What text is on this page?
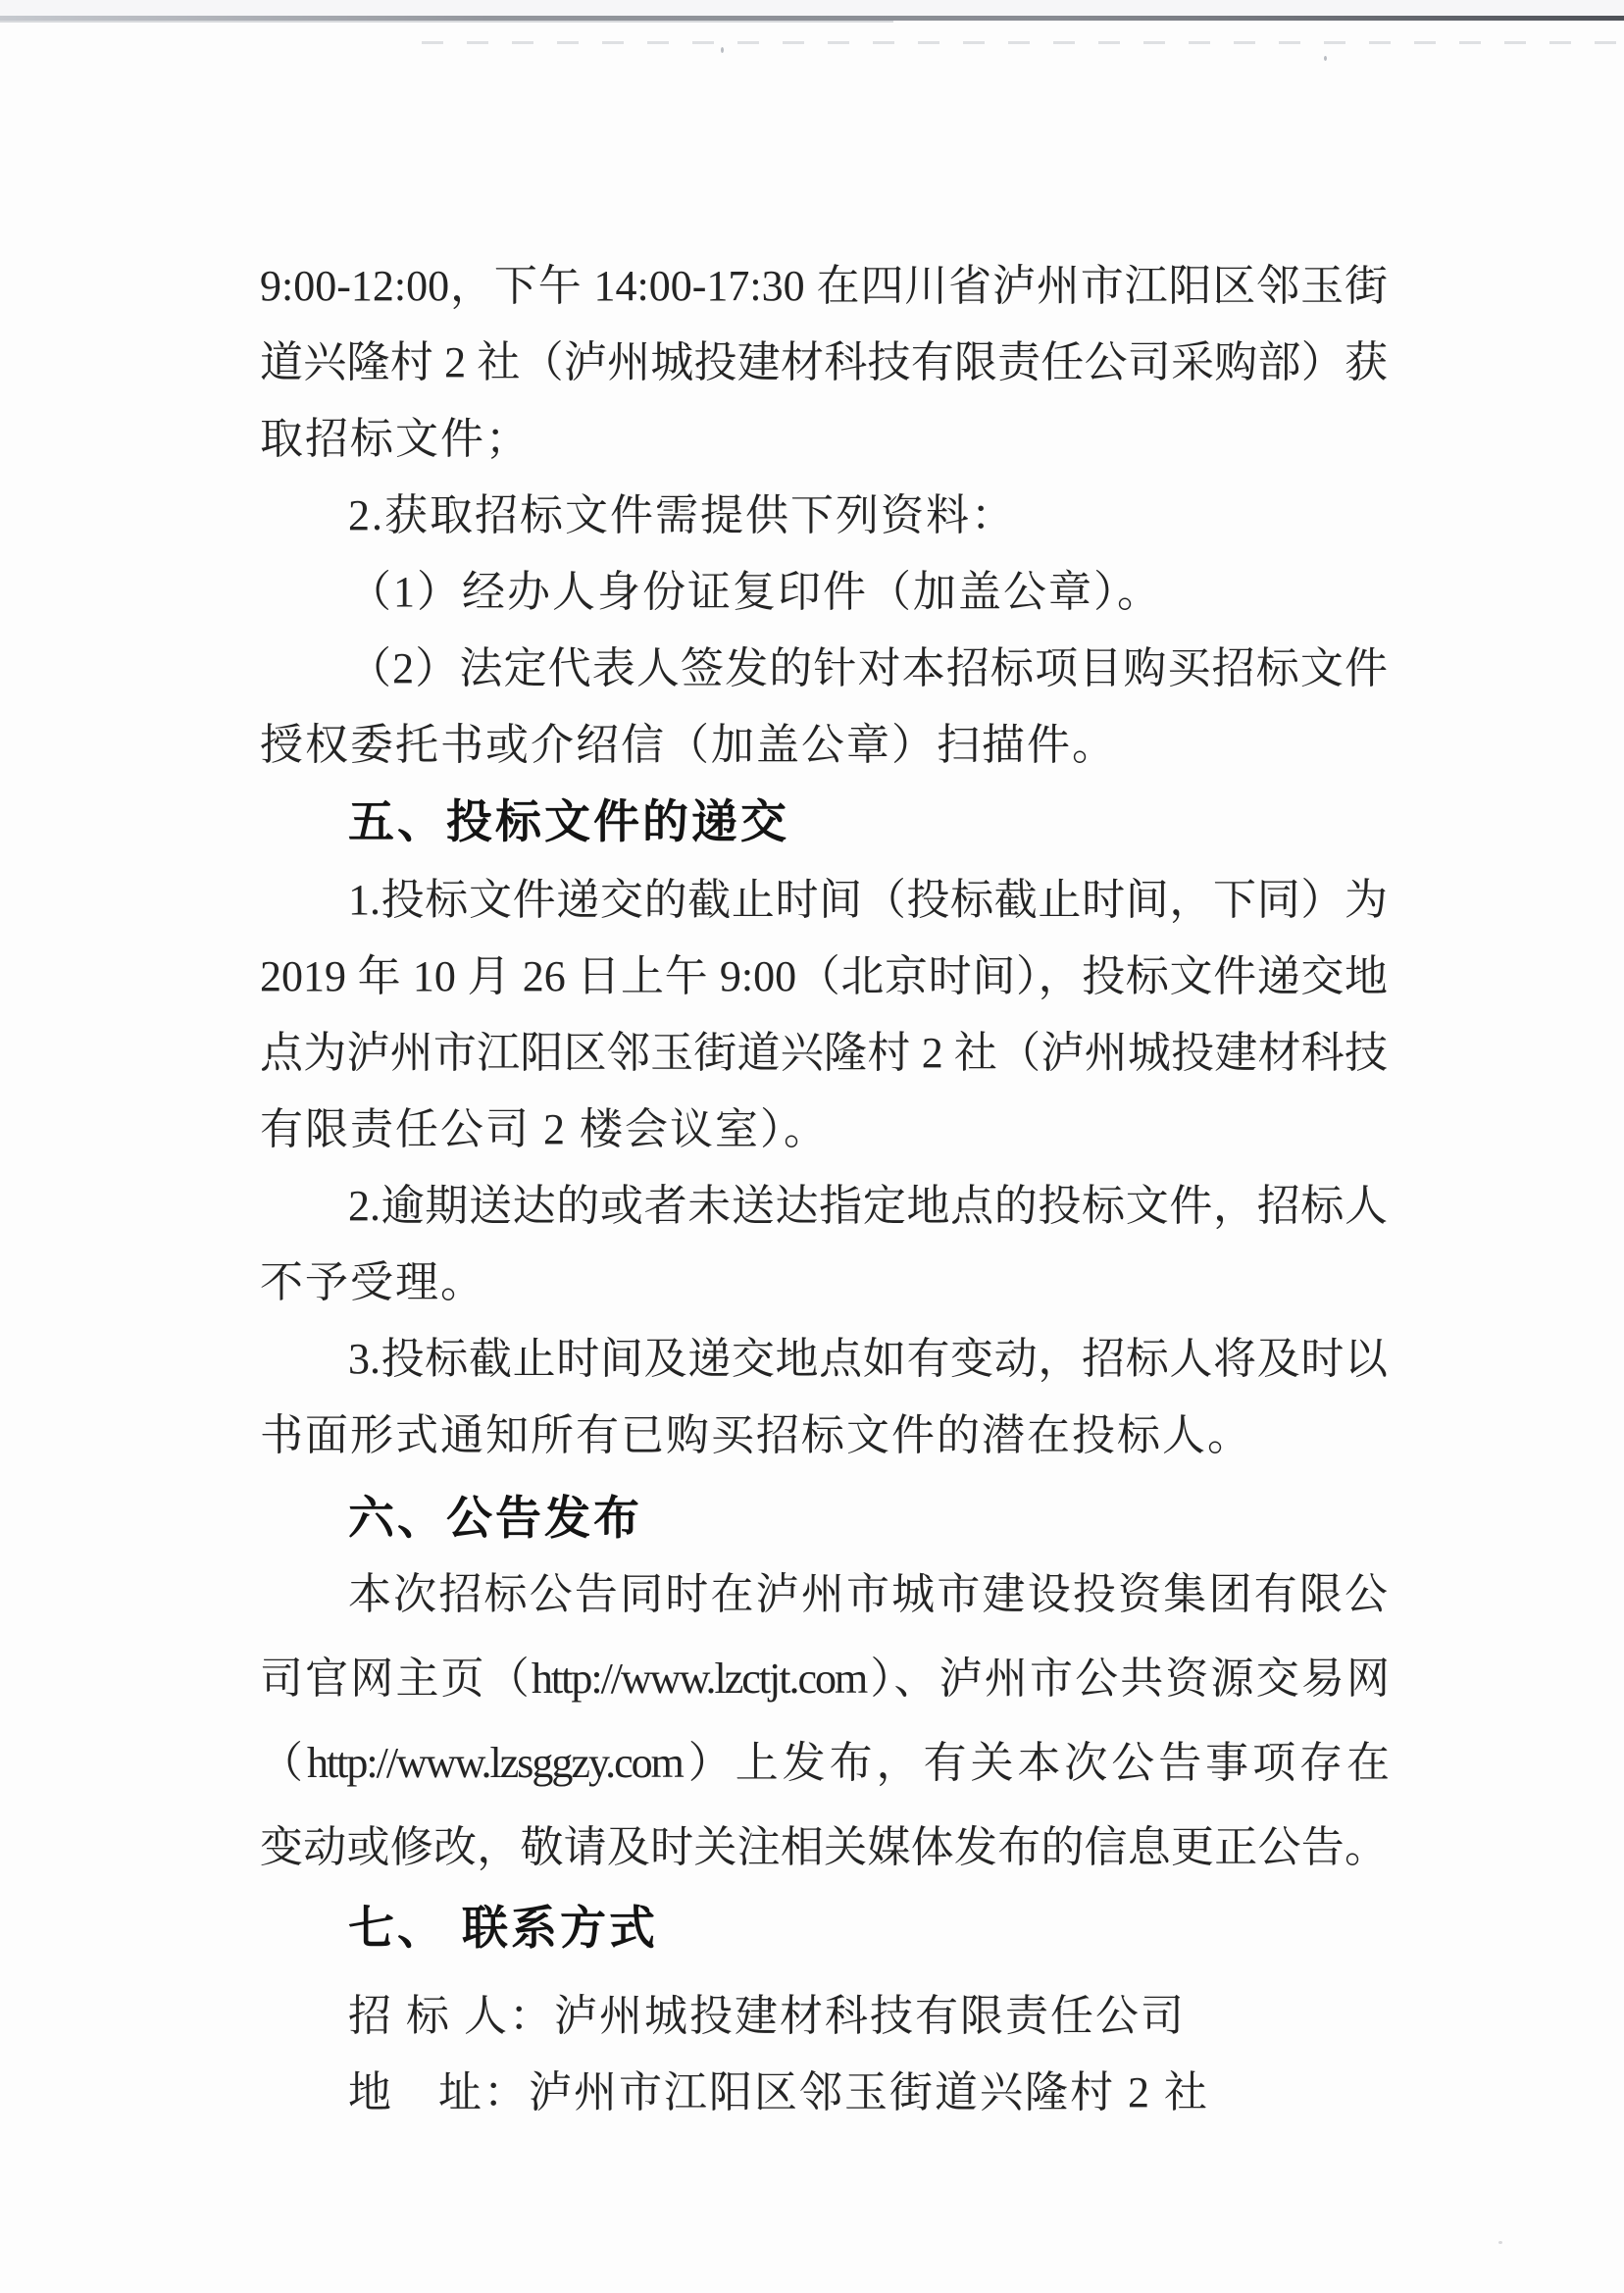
9:00-12:00，下午 14:00-17:30 在四川省泸州市江阳区邻玉街
道兴隆村 2 社（泸州城投建材科技有限责任公司采购部）获
取招标文件；
2.获取招标文件需提供下列资料：
（1）经办人身份证复印件（加盖公章）。
（2）法定代表人签发的针对本招标项目购买招标文件
授权委托书或介绍信（加盖公章）扫描件。
五、投标文件的递交
1.投标文件递交的截止时间（投标截止时间，下同）为
2019 年 10 月 26 日上午 9:00（北京时间），投标文件递交地
点为泸州市江阳区邻玉街道兴隆村 2 社（泸州城投建材科技
有限责任公司 2 楼会议室）。
2.逾期送达的或者未送达指定地点的投标文件，招标人
不予受理。
3.投标截止时间及递交地点如有变动，招标人将及时以
书面形式通知所有已购买招标文件的潜在投标人。
六、公告发布
本次招标公告同时在泸州市城市建设投资集团有限公
司官网主页（http://www.lzctjt.com）、泸州市公共资源交易网
（http://www.lzsggzy.com）上发布，有关本次公告事项存在
变动或修改，敬请及时关注相关媒体发布的信息更正公告。
七、 联系方式
招 标 人：泸州城投建材科技有限责任公司
地　址：泸州市江阳区邻玉街道兴隆村 2 社
